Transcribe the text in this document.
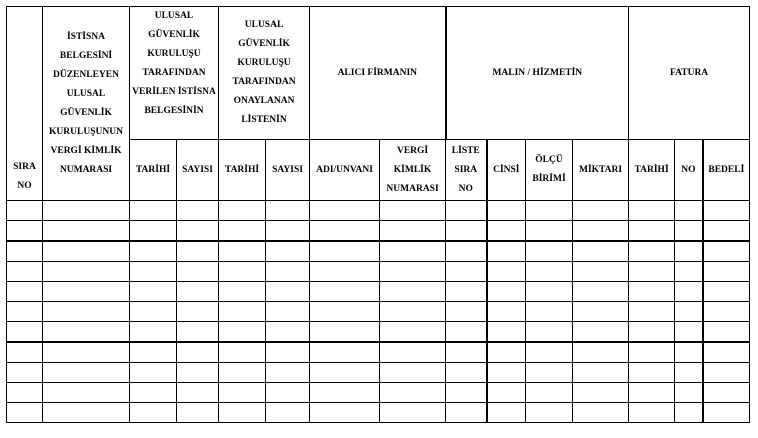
SIRA NO	İSTİSNA BELGESİNİ DÜZENLEYEN ULUSAL GÜVENLİK KURULUŞUNUN VERGİ KİMLİK NUMARASI	ULUSAL GÜVENLİK KURULUŞU TARAFINDAN VERİLEN İSTİSNA BELGESİNİN		ULUSAL GÜVENLİK KURULUŞU TARAFINDAN ONAYLANAN LİSTENİN		ALICI FİRMANIN		MALIN / HİZMETİN				FATURA		
		TARİHİ	SAYISI	TARİHİ	SAYISI	ADI/UNVANI	VERGİ KİMLİK NUMARASI	LİSTE SIRA NO	CİNSİ	ÖLÇÜ BİRİMİ	MİKTARI	TARİHİ	NO	BEDELİ
